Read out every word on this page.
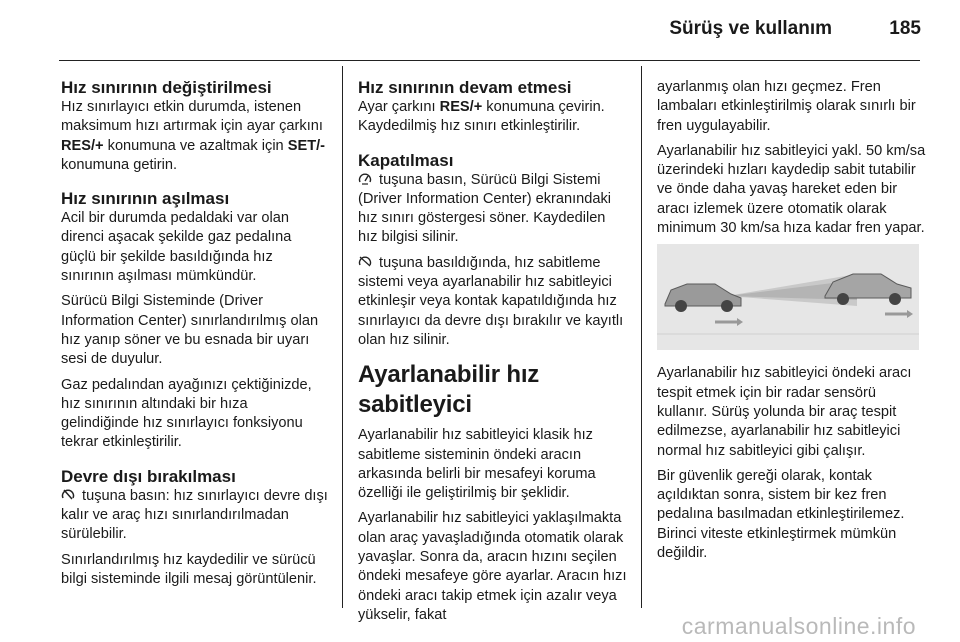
Sürüş ve kullanım	185
Hız sınırının değiştirilmesi

Hız sınırlayıcı etkin durumda, istenen maksimum hızı artırmak için ayar çarkını RES/+ konumuna ve azaltmak için SET/- konumuna getirin.

Hız sınırının aşılması

Acil bir durumda pedaldaki var olan direnci aşacak şekilde gaz pedalına güçlü bir şekilde basıldığında hız sınırının aşılması mümkündür.

Sürücü Bilgi Sisteminde (Driver Information Center) sınırlandırılmış olan hız yanıp söner ve bu esnada bir uyarı sesi de duyulur.

Gaz pedalından ayağınızı çektiğinizde, hız sınırının altındaki bir hıza gelindiğinde hız sınırlayıcı fonksiyonu tekrar etkinleştirilir.

Devre dışı bırakılması

tuşuna basın: hız sınırlayıcı devre dışı kalır ve araç hızı sınırlandırılmadan sürülebilir.

Sınırlandırılmış hız kaydedilir ve sürücü bilgi sisteminde ilgili mesaj görüntülenir.

Hız sınırının devam etmesi

Ayar çarkını RES/+ konumuna çevirin. Kaydedilmiş hız sınırı etkinleştirilir.

Kapatılması

tuşuna basın, Sürücü Bilgi Sistemi (Driver Information Center) ekranındaki hız sınırı göstergesi söner. Kaydedilen hız bilgisi silinir.

tuşuna basıldığında, hız sabitleme sistemi veya ayarlanabilir hız sabitleyici etkinleşir veya kontak kapatıldığında hız sınırlayıcı da devre dışı bırakılır ve kayıtlı olan hız silinir.

Ayarlanabilir hız sabitleyici

Ayarlanabilir hız sabitleyici klasik hız sabitleme sisteminin öndeki aracın arkasında belirli bir mesafeyi koruma özelliği ile geliştirilmiş bir şeklidir.

Ayarlanabilir hız sabitleyici yaklaşılmakta olan araç yavaşladığında otomatik olarak yavaşlar. Sonra da, aracın hızını seçilen öndeki mesafeye göre ayarlar. Aracın hızı öndeki aracı takip etmek için azalır veya yükselir, fakat

ayarlanmış olan hızı geçmez. Fren lambaları etkinleştirilmiş olarak sınırlı bir fren uygulayabilir.

Ayarlanabilir hız sabitleyici yakl. 50 km/sa üzerindeki hızları kaydedip sabit tutabilir ve önde daha yavaş hareket eden bir aracı izlemek üzere otomatik olarak minimum 30 km/sa hıza kadar fren yapar.

Ayarlanabilir hız sabitleyici öndeki aracı tespit etmek için bir radar sensörü kullanır. Sürüş yolunda bir araç tespit edilmezse, ayarlanabilir hız sabitleyici normal hız sabitleyici gibi çalışır.

Bir güvenlik gereği olarak, kontak açıldıktan sonra, sistem bir kez fren pedalına basılmadan etkinleştirilemez. Birinci viteste etkinleştirmek mümkün değildir.

carmanualsonline.info
